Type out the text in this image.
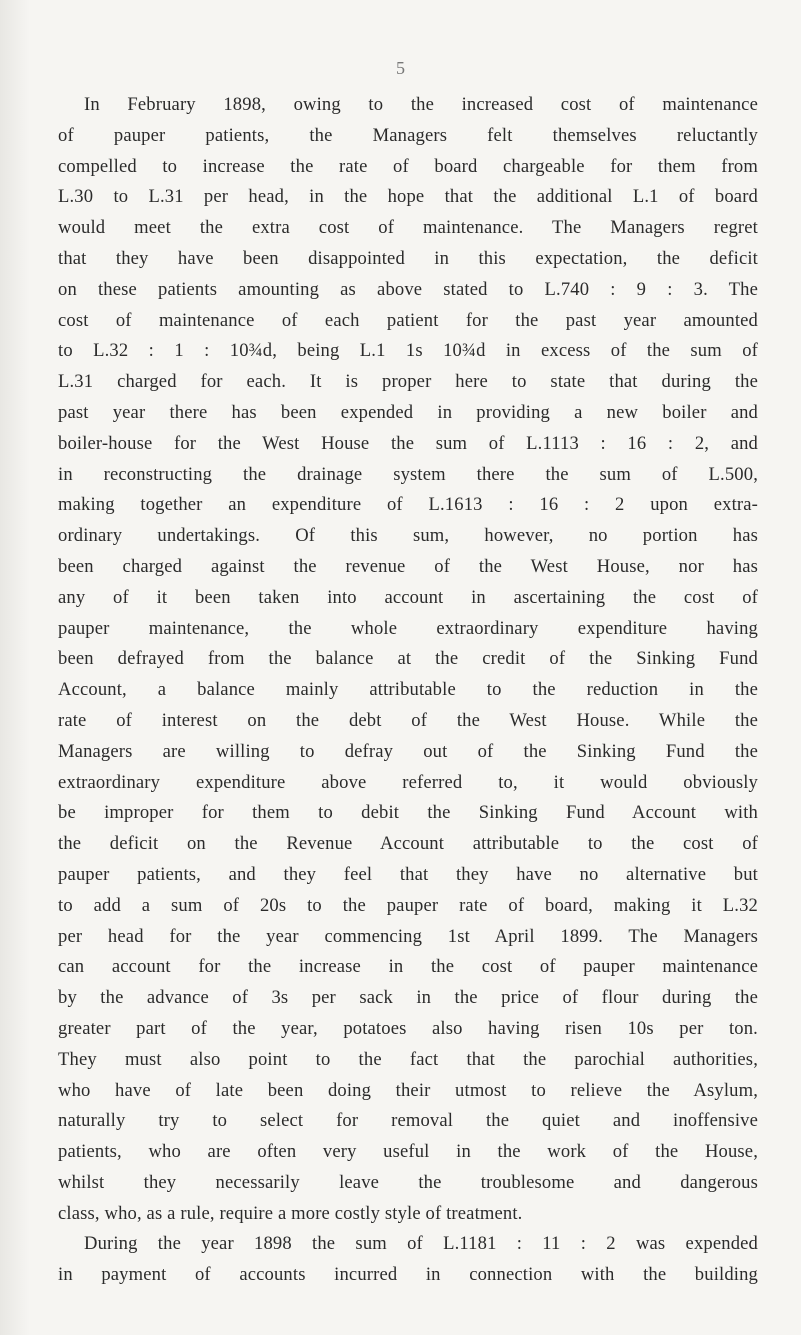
5
In February 1898, owing to the increased cost of maintenance
of pauper patients, the Managers felt themselves reluctantly
compelled to increase the rate of board chargeable for them from
L.30 to L.31 per head, in the hope that the additional L.1 of board
would meet the extra cost of maintenance. The Managers regret
that they have been disappointed in this expectation, the deficit
on these patients amounting as above stated to L.740 : 9 : 3. The
cost of maintenance of each patient for the past year amounted
to L.32 : 1 : 10¾d, being L.1 1s 10¾d in excess of the sum of
L.31 charged for each. It is proper here to state that during the
past year there has been expended in providing a new boiler and
boiler-house for the West House the sum of L.1113 : 16 : 2, and
in reconstructing the drainage system there the sum of L.500,
making together an expenditure of L.1613 : 16 : 2 upon extra-
ordinary undertakings. Of this sum, however, no portion has
been charged against the revenue of the West House, nor has
any of it been taken into account in ascertaining the cost of
pauper maintenance, the whole extraordinary expenditure having
been defrayed from the balance at the credit of the Sinking Fund
Account, a balance mainly attributable to the reduction in the
rate of interest on the debt of the West House. While the
Managers are willing to defray out of the Sinking Fund the
extraordinary expenditure above referred to, it would obviously
be improper for them to debit the Sinking Fund Account with
the deficit on the Revenue Account attributable to the cost of
pauper patients, and they feel that they have no alternative but
to add a sum of 20s to the pauper rate of board, making it L.32
per head for the year commencing 1st April 1899. The Managers
can account for the increase in the cost of pauper maintenance
by the advance of 3s per sack in the price of flour during the
greater part of the year, potatoes also having risen 10s per ton.
They must also point to the fact that the parochial authorities,
who have of late been doing their utmost to relieve the Asylum,
naturally try to select for removal the quiet and inoffensive
patients, who are often very useful in the work of the House,
whilst they necessarily leave the troublesome and dangerous
class, who, as a rule, require a more costly style of treatment.
During the year 1898 the sum of L.1181 : 11 : 2 was expended
in payment of accounts incurred in connection with the building
